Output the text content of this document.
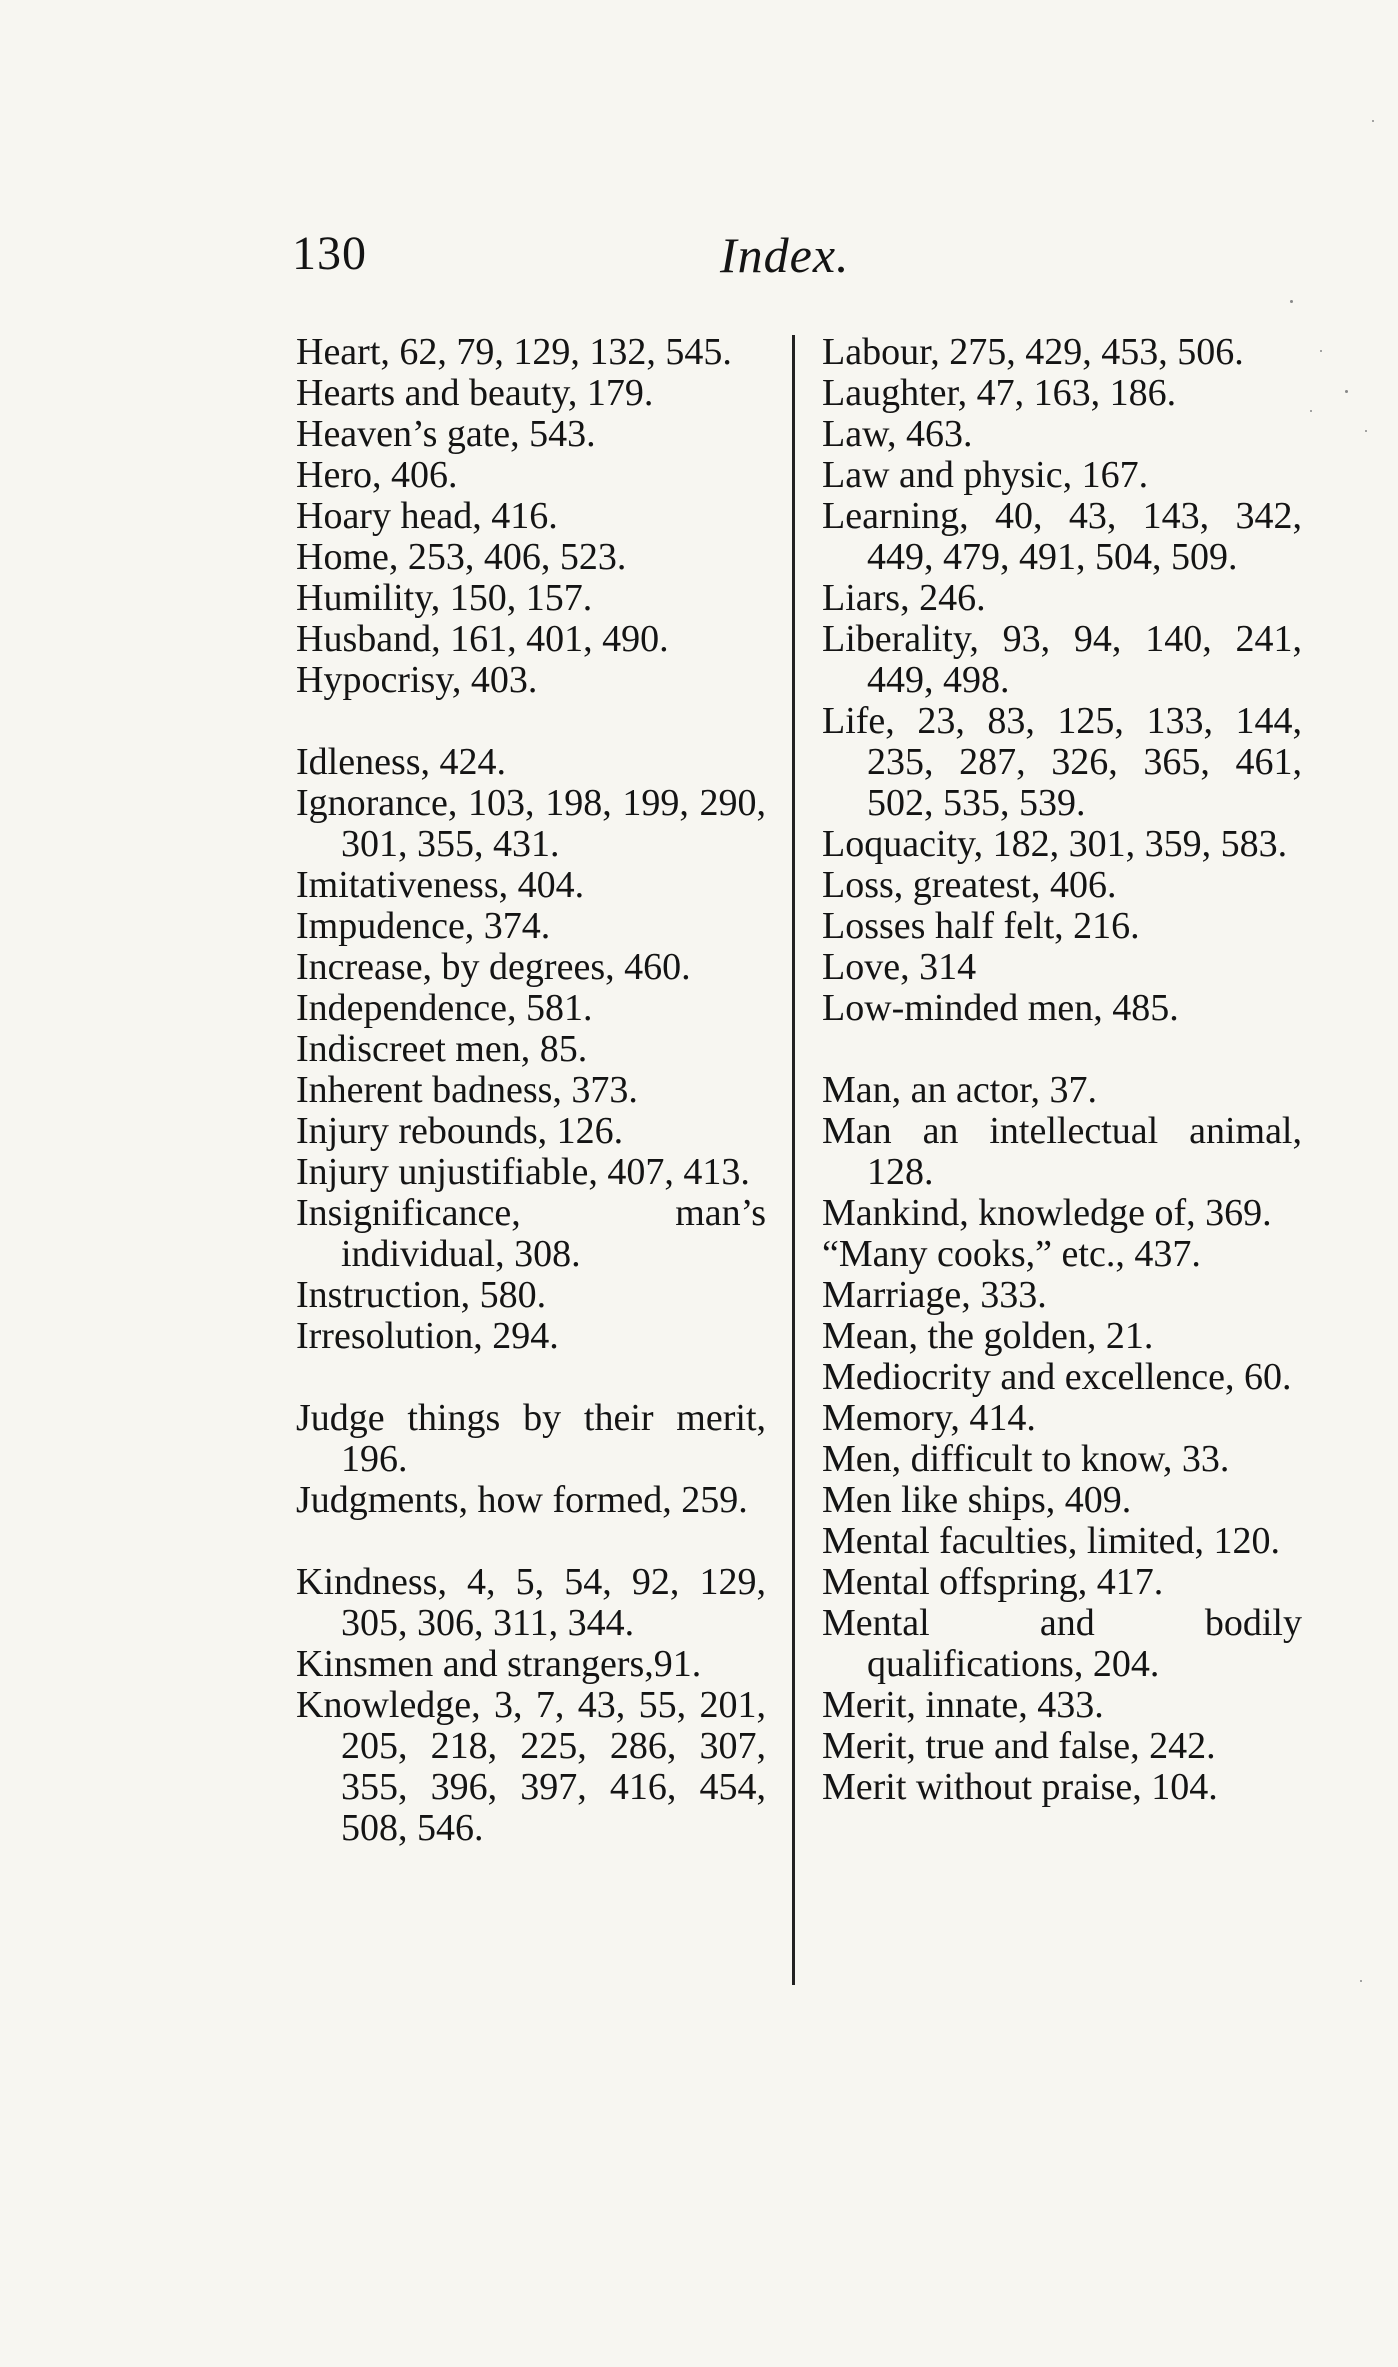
130	Index.
Heart, 62, 79, 129, 132, 545.
Hearts and beauty, 179.
Heaven’s gate, 543.
Hero, 406.
Hoary head, 416.
Home, 253, 406, 523.
Humility, 150, 157.
Husband, 161, 401, 490.
Hypocrisy, 403.
Idleness, 424.
Ignorance, 103, 198, 199, 290, 301, 355, 431.
Imitativeness, 404.
Impudence, 374.
Increase, by degrees, 460.
Independence, 581.
Indiscreet men, 85.
Inherent badness, 373.
Injury rebounds, 126.
Injury unjustifiable, 407, 413.
Insignificance, man’s individual, 308.
Instruction, 580.
Irresolution, 294.
Judge things by their merit, 196.
Judgments, how formed, 259.
Kindness, 4, 5, 54, 92, 129, 305, 306, 311, 344.
Kinsmen and strangers,91.
Knowledge, 3, 7, 43, 55, 201, 205, 218, 225, 286, 307, 355, 396, 397, 416, 454, 508, 546.
Labour, 275, 429, 453, 506.
Laughter, 47, 163, 186.
Law, 463.
Law and physic, 167.
Learning, 40, 43, 143, 342, 449, 479, 491, 504, 509.
Liars, 246.
Liberality, 93, 94, 140, 241, 449, 498.
Life, 23, 83, 125, 133, 144, 235, 287, 326, 365, 461, 502, 535, 539.
Loquacity, 182, 301, 359, 583.
Loss, greatest, 406.
Losses half felt, 216.
Love, 314
Low-minded men, 485.
Man, an actor, 37.
Man an intellectual animal, 128.
Mankind, knowledge of, 369.
“Many cooks,” etc., 437.
Marriage, 333.
Mean, the golden, 21.
Mediocrity and excellence, 60.
Memory, 414.
Men, difficult to know, 33.
Men like ships, 409.
Mental faculties, limited, 120.
Mental offspring, 417.
Mental and bodily qualifications, 204.
Merit, innate, 433.
Merit, true and false, 242.
Merit without praise, 104.
